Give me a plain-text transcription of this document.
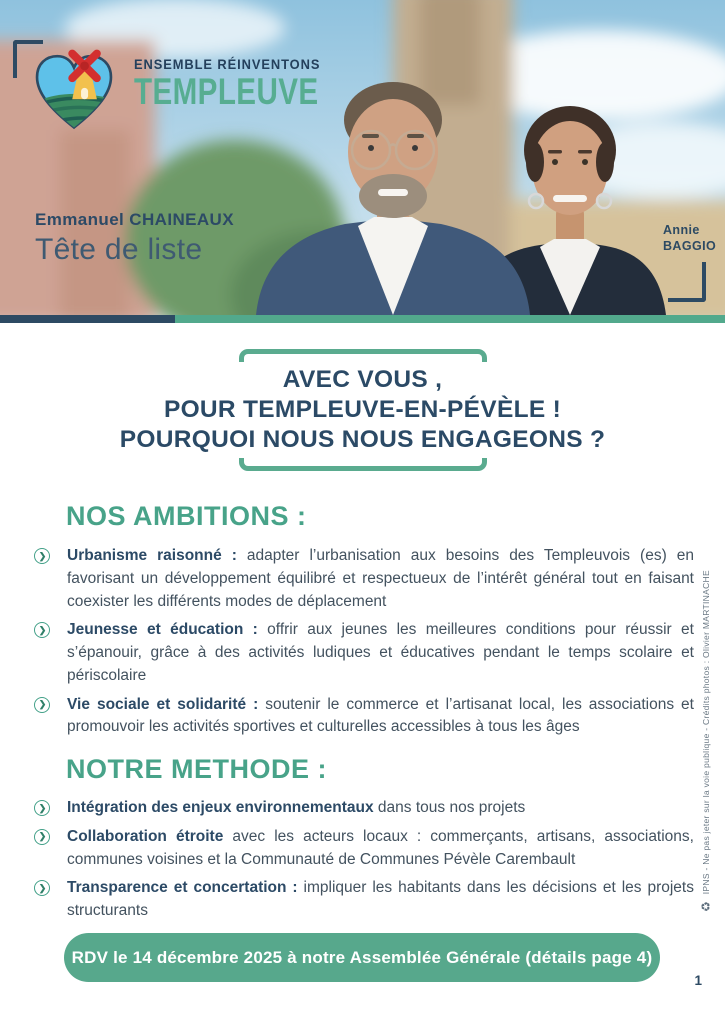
ENSEMBLE RÉINVENTONS
TEMPLEUVE
Emmanuel CHAINEAUX
Tête de liste
Annie
BAGGIO
AVEC VOUS ,
POUR TEMPLEUVE-EN-PÉVÈLE !
POURQUOI NOUS NOUS ENGAGEONS ?
NOS AMBITIONS :
❯ Urbanisme raisonné : adapter l’urbanisation aux besoins des Templeuvois (es) en favorisant un développement équilibré et respectueux de l’intérêt général tout en faisant coexister les différents modes de déplacement

❯ Jeunesse et éducation : offrir aux jeunes les meilleures conditions pour réussir et s’épanouir, grâce à des activités ludiques et éducatives pendant le temps scolaire et périscolaire

❯ Vie sociale et solidarité : soutenir le commerce et l’artisanat local, les associations et promouvoir les activités sportives et culturelles accessibles à tous les âges

NOTRE METHODE :
❯ Intégration des enjeux environnementaux dans tous nos projets

❯ Collaboration étroite avec les acteurs locaux : commerçants, artisans, associations, communes voisines et la Communauté de Communes Pévèle Carembault

❯ Transparence et concertation : impliquer les habitants dans les décisions et les projets structurants

RDV le 14 décembre 2025 à notre Assemblée Générale (détails page 4)
♻
IPNS - Ne pas jeter sur la voie publique - Crédits photos : Olivier MARTINACHE
1
